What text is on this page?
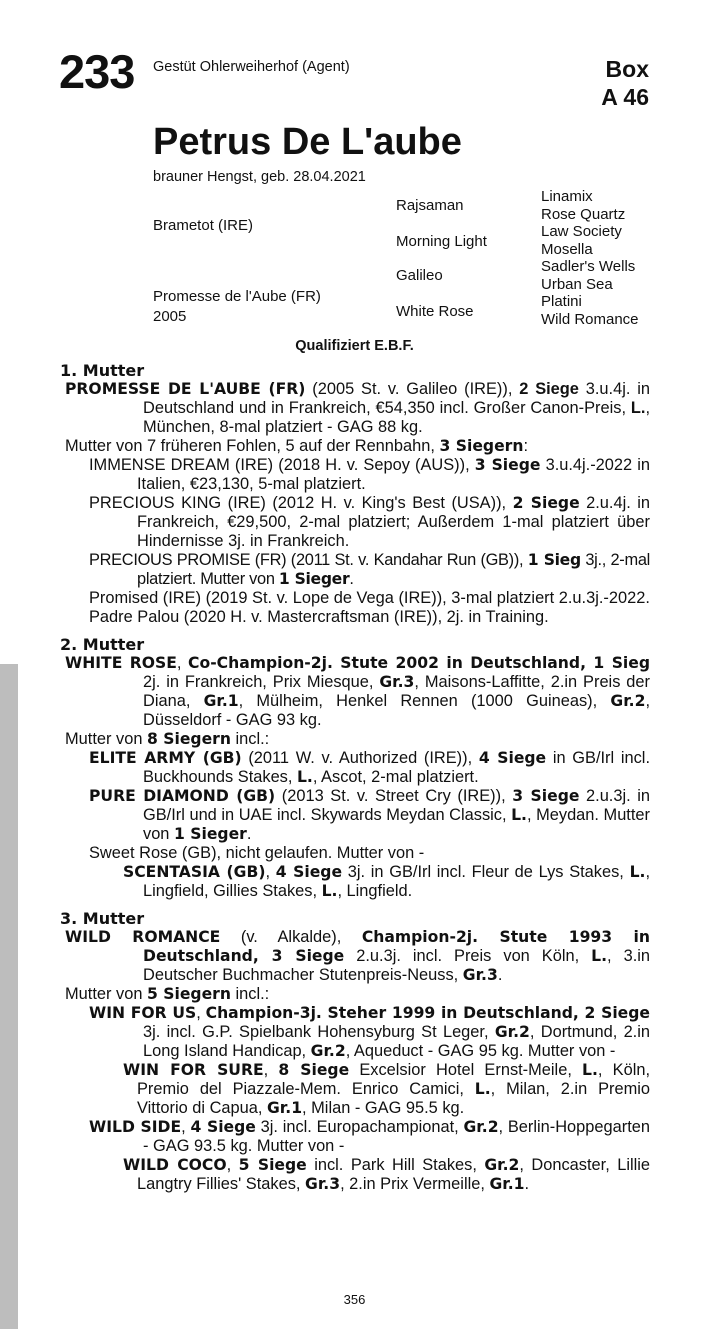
233 Gestüt Ohlerweiherhof (Agent)	Box
A 46
Petrus De L'aube
brauner Hengst, geb. 28.04.2021
Brametot (IRE)
Promesse de l'Aube (FR)
2005
Rajsaman
Morning Light
Galileo
White Rose
Linamix
Rose Quartz
Law Society
Mosella
Sadler's Wells
Urban Sea
Platini
Wild Romance
Qualifiziert E.B.F.
1. Mutter
PROMESSE DE L'AUBE (FR) (2005 St. v. Galileo (IRE)), 2 Siege 3.u.4j. in Deutschland und in Frankreich, €54,350 incl. Großer Canon-Preis, L., München, 8-mal platziert - GAG 88 kg.
Mutter von 7 früheren Fohlen, 5 auf der Rennbahn, 3 Siegern:
IMMENSE DREAM (IRE) (2018 H. v. Sepoy (AUS)), 3 Siege 3.u.4j.-2022 in Italien, €23,130, 5-mal platziert.
PRECIOUS KING (IRE) (2012 H. v. King's Best (USA)), 2 Siege 2.u.4j. in Frankreich, €29,500, 2-mal platziert; Außerdem 1-mal platziert über Hindernisse 3j. in Frankreich.
PRECIOUS PROMISE (FR) (2011 St. v. Kandahar Run (GB)), 1 Sieg 3j., 2-mal platziert. Mutter von 1 Sieger.
Promised (IRE) (2019 St. v. Lope de Vega (IRE)), 3-mal platziert 2.u.3j.-2022.
Padre Palou (2020 H. v. Mastercraftsman (IRE)), 2j. in Training.
2. Mutter
WHITE ROSE, Co-Champion-2j. Stute 2002 in Deutschland, 1 Sieg 2j. in Frankreich, Prix Miesque, Gr.3, Maisons-Laffitte, 2.in Preis der Diana, Gr.1, Mülheim, Henkel Rennen (1000 Guineas), Gr.2, Düsseldorf - GAG 93 kg.
Mutter von 8 Siegern incl.:
ELITE ARMY (GB) (2011 W. v. Authorized (IRE)), 4 Siege in GB/Irl incl. Buckhounds Stakes, L., Ascot, 2-mal platziert.
PURE DIAMOND (GB) (2013 St. v. Street Cry (IRE)), 3 Siege 2.u.3j. in GB/Irl und in UAE incl. Skywards Meydan Classic, L., Meydan. Mutter von 1 Sieger.
Sweet Rose (GB), nicht gelaufen. Mutter von -
SCENTASIA (GB), 4 Siege 3j. in GB/Irl incl. Fleur de Lys Stakes, L., Lingfield, Gillies Stakes, L., Lingfield.
3. Mutter
WILD ROMANCE (v. Alkalde), Champion-2j. Stute 1993 in Deutschland, 3 Siege 2.u.3j. incl. Preis von Köln, L., 3.in Deutscher Buchmacher Stutenpreis-Neuss, Gr.3.
Mutter von 5 Siegern incl.:
WIN FOR US, Champion-3j. Steher 1999 in Deutschland, 2 Siege 3j. incl. G.P. Spielbank Hohensyburg St Leger, Gr.2, Dortmund, 2.in Long Island Handicap, Gr.2, Aqueduct - GAG 95 kg. Mutter von -
WIN FOR SURE, 8 Siege Excelsior Hotel Ernst-Meile, L., Köln, Premio del Piazzale-Mem. Enrico Camici, L., Milan, 2.in Premio Vittorio di Capua, Gr.1, Milan - GAG 95.5 kg.
WILD SIDE, 4 Siege 3j. incl. Europachampionat, Gr.2, Berlin-Hoppegarten - GAG 93.5 kg. Mutter von -
WILD COCO, 5 Siege incl. Park Hill Stakes, Gr.2, Doncaster, Lillie Langtry Fillies' Stakes, Gr.3, 2.in Prix Vermeille, Gr.1.
356
